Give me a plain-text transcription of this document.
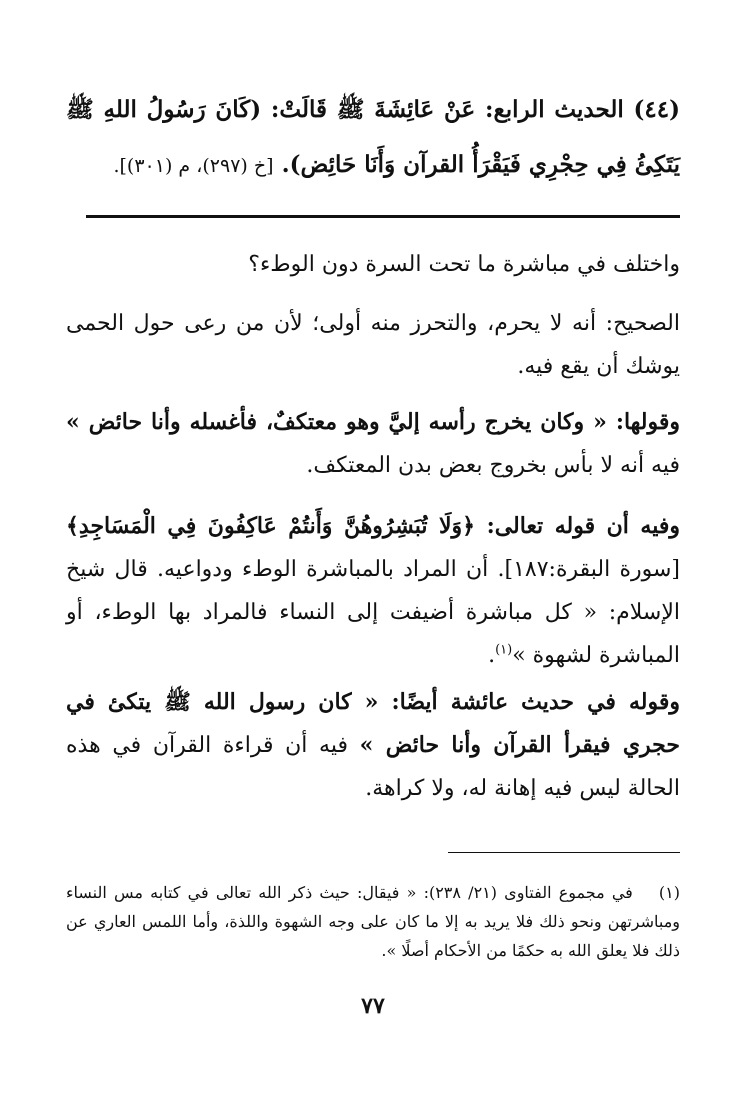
(٤٤) الحديث الرابع: عَنْ عَائِشَةَ ﷺ قَالَتْ: (كَانَ رَسُولُ اللهِ ﷺ يَتَكِئُ فِي حِجْرِي فَيَقْرَأُ القرآن وَأَنَا حَائِض). [خ (٢٩٧)، م (٣٠١)].
واختلف في مباشرة ما تحت السرة دون الوطء؟
الصحيح: أنه لا يحرم، والتحرز منه أولى؛ لأن من رعى حول الحمى يوشك أن يقع فيه.
وقولها: « وكان يخرج رأسه إليَّ وهو معتكفٌ، فأغسله وأنا حائض » فيه أنه لا بأس بخروج بعض بدن المعتكف.
وفيه أن قوله تعالى: ﴿وَلَا تُبَشِرُوهُنَّ وَأَنتُمْ عَاكِفُونَ فِي الْمَسَاجِدِ﴾ [سورة البقرة:١٨٧]. أن المراد بالمباشرة الوطء ودواعيه. قال شيخ الإسلام: « كل مباشرة أضيفت إلى النساء فالمراد بها الوطء، أو المباشرة لشهوة »$^{(١)}$.
وقوله في حديث عائشة أيضًا: « كان رسول الله ﷺ يتكئ في حجري فيقرأ القرآن وأنا حائض » فيه أن قراءة القرآن في هذه الحالة ليس فيه إهانة له، ولا كراهة.
(١) في مجموع الفتاوى (٢١/ ٢٣٨): « فيقال: حيث ذكر الله تعالى في كتابه مس النساء ومباشرتهن ونحو ذلك فلا يريد به إلا ما كان على وجه الشهوة واللذة، وأما اللمس العاري عن ذلك فلا يعلق الله به حكمًا من الأحكام أصلًا ».
٧٧
